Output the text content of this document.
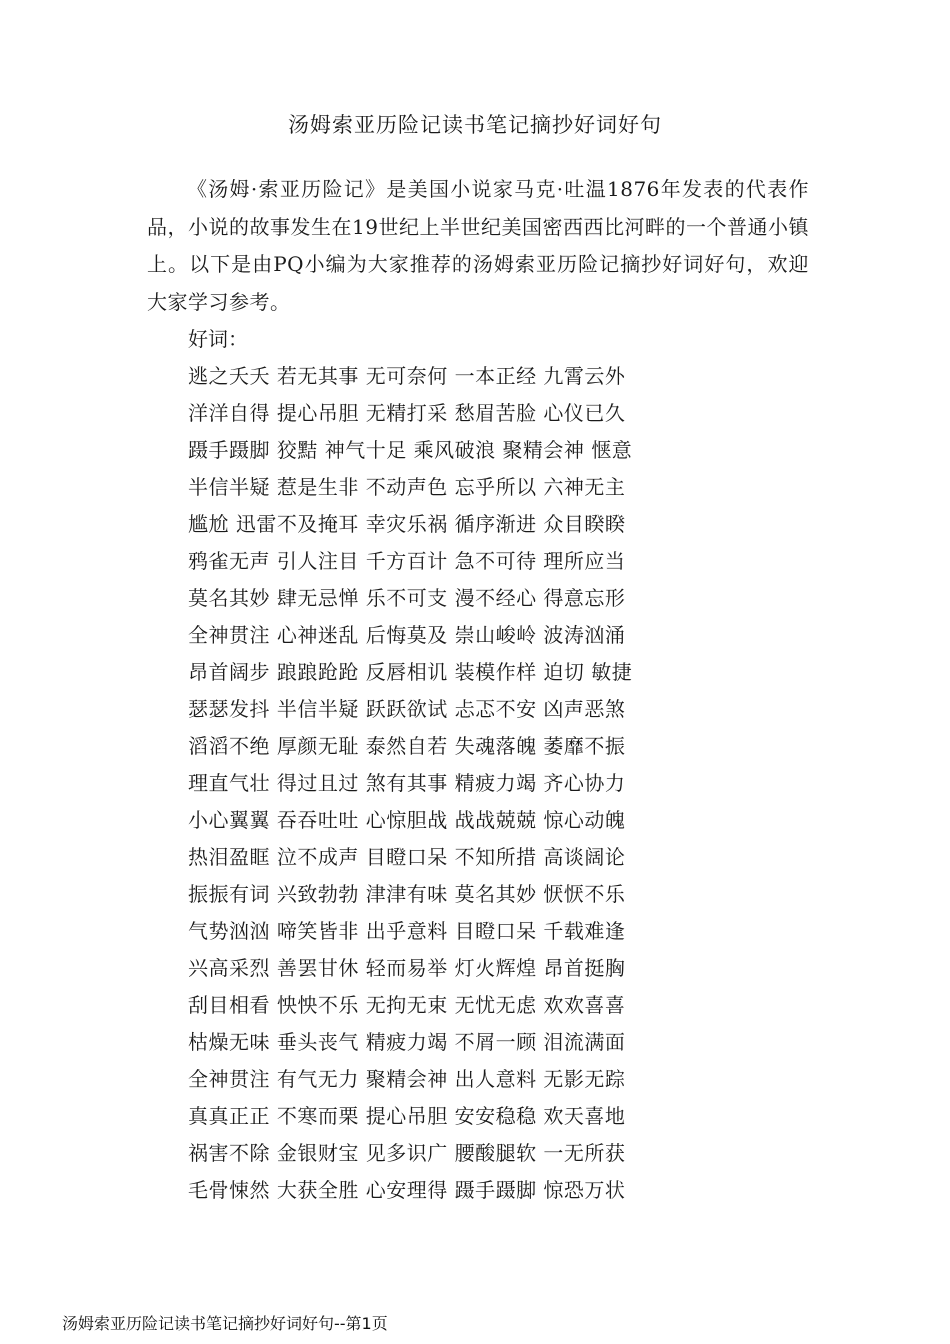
汤姆索亚历险记读书笔记摘抄好词好句

《汤姆·索亚历险记》是美国小说家马克·吐温1876年发表的代表作品，小说的故事发生在19世纪上半世纪美国密西西比河畔的一个普通小镇上。以下是由PQ小编为大家推荐的汤姆索亚历险记摘抄好词好句，欢迎大家学习参考。

好词：
逃之夭夭 若无其事 无可奈何 一本正经 九霄云外
洋洋自得 提心吊胆 无精打采 愁眉苦脸 心仪已久
蹑手蹑脚 狡黠 神气十足 乘风破浪 聚精会神 惬意
半信半疑 惹是生非 不动声色 忘乎所以 六神无主
尴尬 迅雷不及掩耳 幸灾乐祸 循序渐进 众目睽睽
鸦雀无声 引人注目 千方百计 急不可待 理所应当
莫名其妙 肆无忌惮 乐不可支 漫不经心 得意忘形
全神贯注 心神迷乱 后悔莫及 崇山峻岭 波涛汹涌
昂首阔步 踉踉跄跄 反唇相讥 装模作样 迫切 敏捷
瑟瑟发抖 半信半疑 跃跃欲试 忐忑不安 凶声恶煞
滔滔不绝 厚颜无耻 泰然自若 失魂落魄 萎靡不振
理直气壮 得过且过 煞有其事 精疲力竭 齐心协力
小心翼翼 吞吞吐吐 心惊胆战 战战兢兢 惊心动魄
热泪盈眶 泣不成声 目瞪口呆 不知所措 高谈阔论
振振有词 兴致勃勃 津津有味 莫名其妙 恹恹不乐
气势汹汹 啼笑皆非 出乎意料 目瞪口呆 千载难逢
兴高采烈 善罢甘休 轻而易举 灯火辉煌 昂首挺胸
刮目相看 怏怏不乐 无拘无束 无忧无虑 欢欢喜喜
枯燥无味 垂头丧气 精疲力竭 不屑一顾 泪流满面
全神贯注 有气无力 聚精会神 出人意料 无影无踪
真真正正 不寒而栗 提心吊胆 安安稳稳 欢天喜地
祸害不除 金银财宝 见多识广 腰酸腿软 一无所获
毛骨悚然 大获全胜 心安理得 蹑手蹑脚 惊恐万状
汤姆索亚历险记读书笔记摘抄好词好句--第1页
